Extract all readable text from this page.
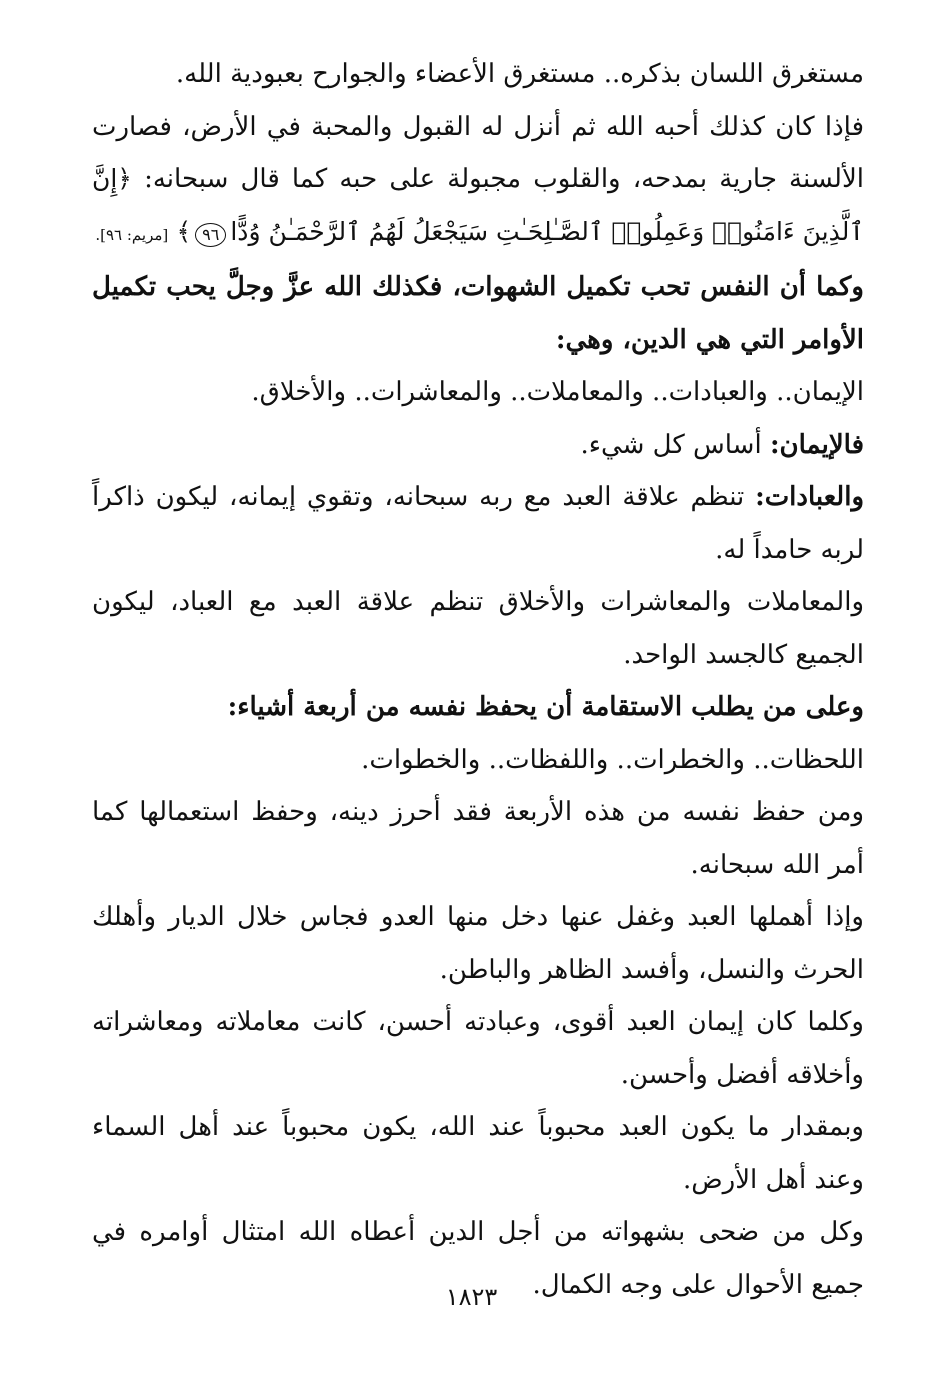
مستغرق اللسان بذكره.. مستغرق الأعضاء والجوارح بعبودية الله.

فإذا كان كذلك أحبه الله ثم أنزل له القبول والمحبة في الأرض، فصارت الألسنة جارية بمدحه، والقلوب مجبولة على حبه كما قال سبحانه: ﴿إِنَّ ٱلَّذِينَ ءَامَنُوا۟ وَعَمِلُوا۟ ٱلصَّـٰلِحَـٰتِ سَيَجْعَلُ لَهُمُ ٱلرَّحْمَـٰنُ وُدًّا٩٦﴾ [مريم: ٩٦].

وكما أن النفس تحب تكميل الشهوات، فكذلك الله عزَّ وجلَّ يحب تكميل الأوامر التي هي الدين، وهي:

الإيمان.. والعبادات.. والمعاملات.. والمعاشرات.. والأخلاق.

فالإيمان: أساس كل شيء.

والعبادات: تنظم علاقة العبد مع ربه سبحانه، وتقوي إيمانه، ليكون ذاكراً لربه حامداً له.

والمعاملات والمعاشرات والأخلاق تنظم علاقة العبد مع العباد، ليكون الجميع كالجسد الواحد.

وعلى من يطلب الاستقامة أن يحفظ نفسه من أربعة أشياء:

اللحظات.. والخطرات.. واللفظات.. والخطوات.

ومن حفظ نفسه من هذه الأربعة فقد أحرز دينه، وحفظ استعمالها كما أمر الله سبحانه.

وإذا أهملها العبد وغفل عنها دخل منها العدو فجاس خلال الديار وأهلك الحرث والنسل، وأفسد الظاهر والباطن.

وكلما كان إيمان العبد أقوى، وعبادته أحسن، كانت معاملاته ومعاشراته وأخلاقه أفضل وأحسن.

وبمقدار ما يكون العبد محبوباً عند الله، يكون محبوباً عند أهل السماء وعند أهل الأرض.

وكل من ضحى بشهواته من أجل الدين أعطاه الله امتثال أوامره في جميع الأحوال على وجه الكمال.

١٨٢٣
